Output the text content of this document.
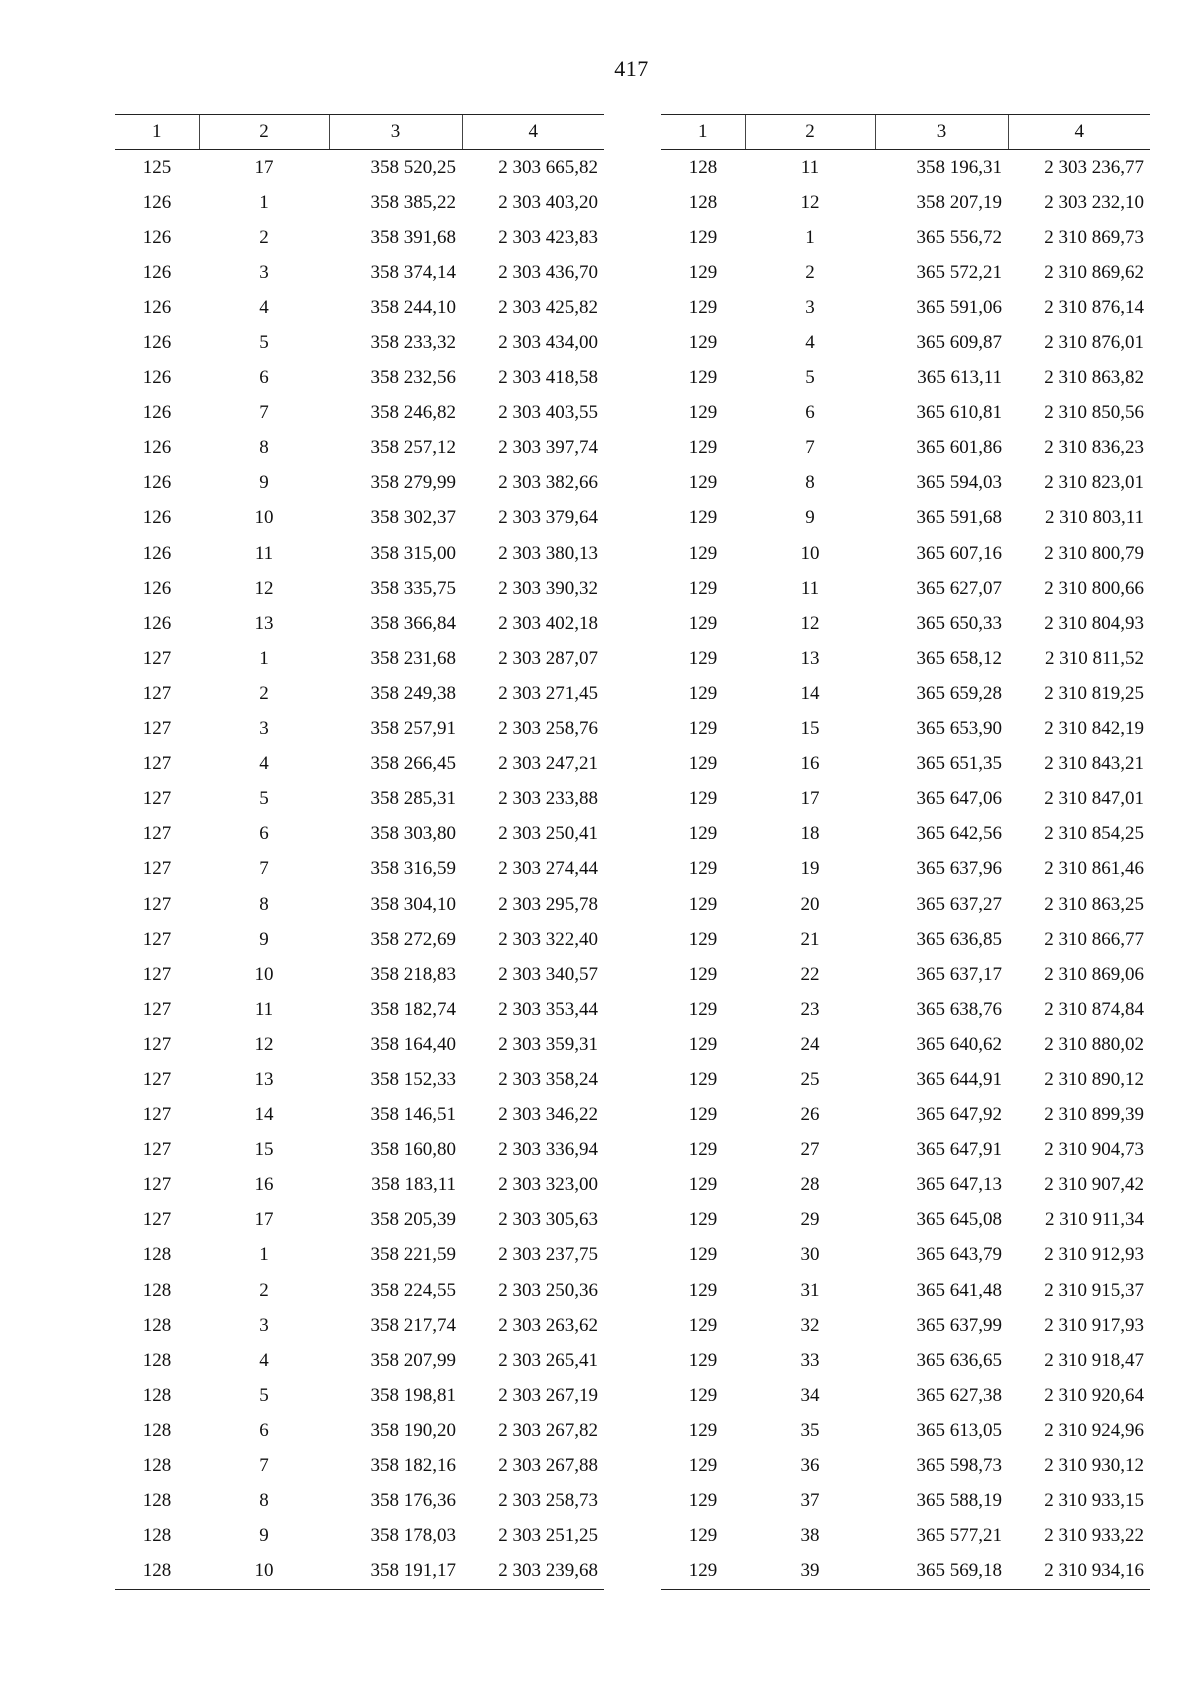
417
1	2	3	4
125	17	358 520,25	2 303 665,82
126	1	358 385,22	2 303 403,20
126	2	358 391,68	2 303 423,83
126	3	358 374,14	2 303 436,70
126	4	358 244,10	2 303 425,82
126	5	358 233,32	2 303 434,00
126	6	358 232,56	2 303 418,58
126	7	358 246,82	2 303 403,55
126	8	358 257,12	2 303 397,74
126	9	358 279,99	2 303 382,66
126	10	358 302,37	2 303 379,64
126	11	358 315,00	2 303 380,13
126	12	358 335,75	2 303 390,32
126	13	358 366,84	2 303 402,18
127	1	358 231,68	2 303 287,07
127	2	358 249,38	2 303 271,45
127	3	358 257,91	2 303 258,76
127	4	358 266,45	2 303 247,21
127	5	358 285,31	2 303 233,88
127	6	358 303,80	2 303 250,41
127	7	358 316,59	2 303 274,44
127	8	358 304,10	2 303 295,78
127	9	358 272,69	2 303 322,40
127	10	358 218,83	2 303 340,57
127	11	358 182,74	2 303 353,44
127	12	358 164,40	2 303 359,31
127	13	358 152,33	2 303 358,24
127	14	358 146,51	2 303 346,22
127	15	358 160,80	2 303 336,94
127	16	358 183,11	2 303 323,00
127	17	358 205,39	2 303 305,63
128	1	358 221,59	2 303 237,75
128	2	358 224,55	2 303 250,36
128	3	358 217,74	2 303 263,62
128	4	358 207,99	2 303 265,41
128	5	358 198,81	2 303 267,19
128	6	358 190,20	2 303 267,82
128	7	358 182,16	2 303 267,88
128	8	358 176,36	2 303 258,73
128	9	358 178,03	2 303 251,25
128	10	358 191,17	2 303 239,68
1	2	3	4
128	11	358 196,31	2 303 236,77
128	12	358 207,19	2 303 232,10
129	1	365 556,72	2 310 869,73
129	2	365 572,21	2 310 869,62
129	3	365 591,06	2 310 876,14
129	4	365 609,87	2 310 876,01
129	5	365 613,11	2 310 863,82
129	6	365 610,81	2 310 850,56
129	7	365 601,86	2 310 836,23
129	8	365 594,03	2 310 823,01
129	9	365 591,68	2 310 803,11
129	10	365 607,16	2 310 800,79
129	11	365 627,07	2 310 800,66
129	12	365 650,33	2 310 804,93
129	13	365 658,12	2 310 811,52
129	14	365 659,28	2 310 819,25
129	15	365 653,90	2 310 842,19
129	16	365 651,35	2 310 843,21
129	17	365 647,06	2 310 847,01
129	18	365 642,56	2 310 854,25
129	19	365 637,96	2 310 861,46
129	20	365 637,27	2 310 863,25
129	21	365 636,85	2 310 866,77
129	22	365 637,17	2 310 869,06
129	23	365 638,76	2 310 874,84
129	24	365 640,62	2 310 880,02
129	25	365 644,91	2 310 890,12
129	26	365 647,92	2 310 899,39
129	27	365 647,91	2 310 904,73
129	28	365 647,13	2 310 907,42
129	29	365 645,08	2 310 911,34
129	30	365 643,79	2 310 912,93
129	31	365 641,48	2 310 915,37
129	32	365 637,99	2 310 917,93
129	33	365 636,65	2 310 918,47
129	34	365 627,38	2 310 920,64
129	35	365 613,05	2 310 924,96
129	36	365 598,73	2 310 930,12
129	37	365 588,19	2 310 933,15
129	38	365 577,21	2 310 933,22
129	39	365 569,18	2 310 934,16
